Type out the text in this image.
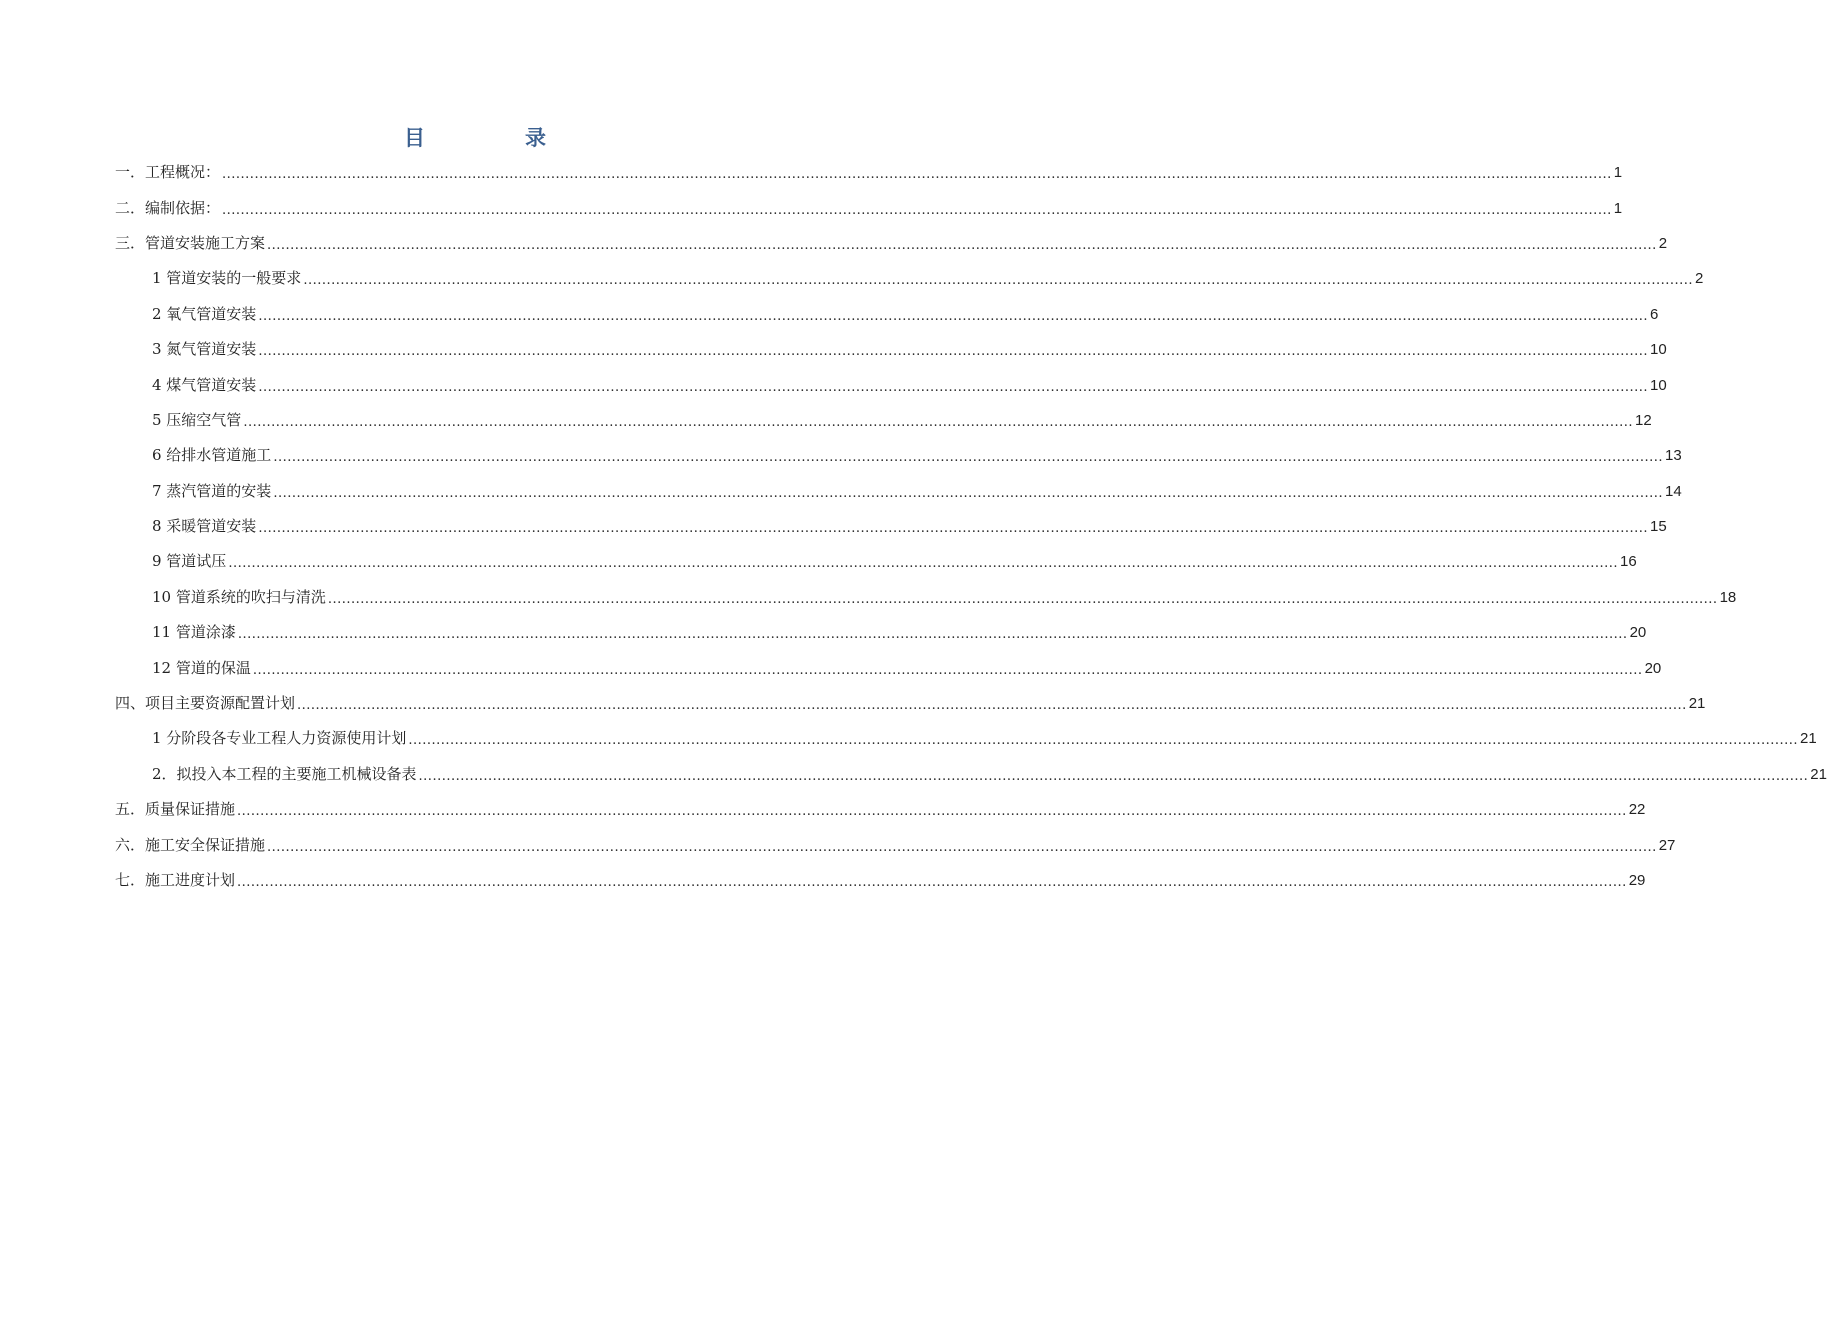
目	录
一．工程概况： ............................................................................................................................................................................................................................................................................................................ 1
二．编制依据： ............................................................................................................................................................................................................................................................................................................ 1
三．管道安装施工方案 ............................................................................................................................................................................................................................................................................................................ 2
1 管道安装的一般要求 ............................................................................................................................................................................................................................................................................................................ 2
2 氧气管道安装 ............................................................................................................................................................................................................................................................................................................ 6
3 氮气管道安装 ............................................................................................................................................................................................................................................................................................................ 10
4 煤气管道安装 ............................................................................................................................................................................................................................................................................................................ 10
5 压缩空气管 ............................................................................................................................................................................................................................................................................................................ 12
6 给排水管道施工 ............................................................................................................................................................................................................................................................................................................ 13
7 蒸汽管道的安装 ............................................................................................................................................................................................................................................................................................................ 14
8 采暖管道安装 ............................................................................................................................................................................................................................................................................................................ 15
9 管道试压 ............................................................................................................................................................................................................................................................................................................ 16
10 管道系统的吹扫与清洗 ............................................................................................................................................................................................................................................................................................................ 18
11 管道涂漆 ............................................................................................................................................................................................................................................................................................................ 20
12 管道的保温 ............................................................................................................................................................................................................................................................................................................ 20
四、项目主要资源配置计划 ............................................................................................................................................................................................................................................................................................................ 21
1 分阶段各专业工程人力资源使用计划 ............................................................................................................................................................................................................................................................................................................ 21
2．拟投入本工程的主要施工机械设备表 ............................................................................................................................................................................................................................................................................................................ 21
五．质量保证措施 ............................................................................................................................................................................................................................................................................................................ 22
六．施工安全保证措施 ............................................................................................................................................................................................................................................................................................................ 27
七．施工进度计划 ............................................................................................................................................................................................................................................................................................................ 29
